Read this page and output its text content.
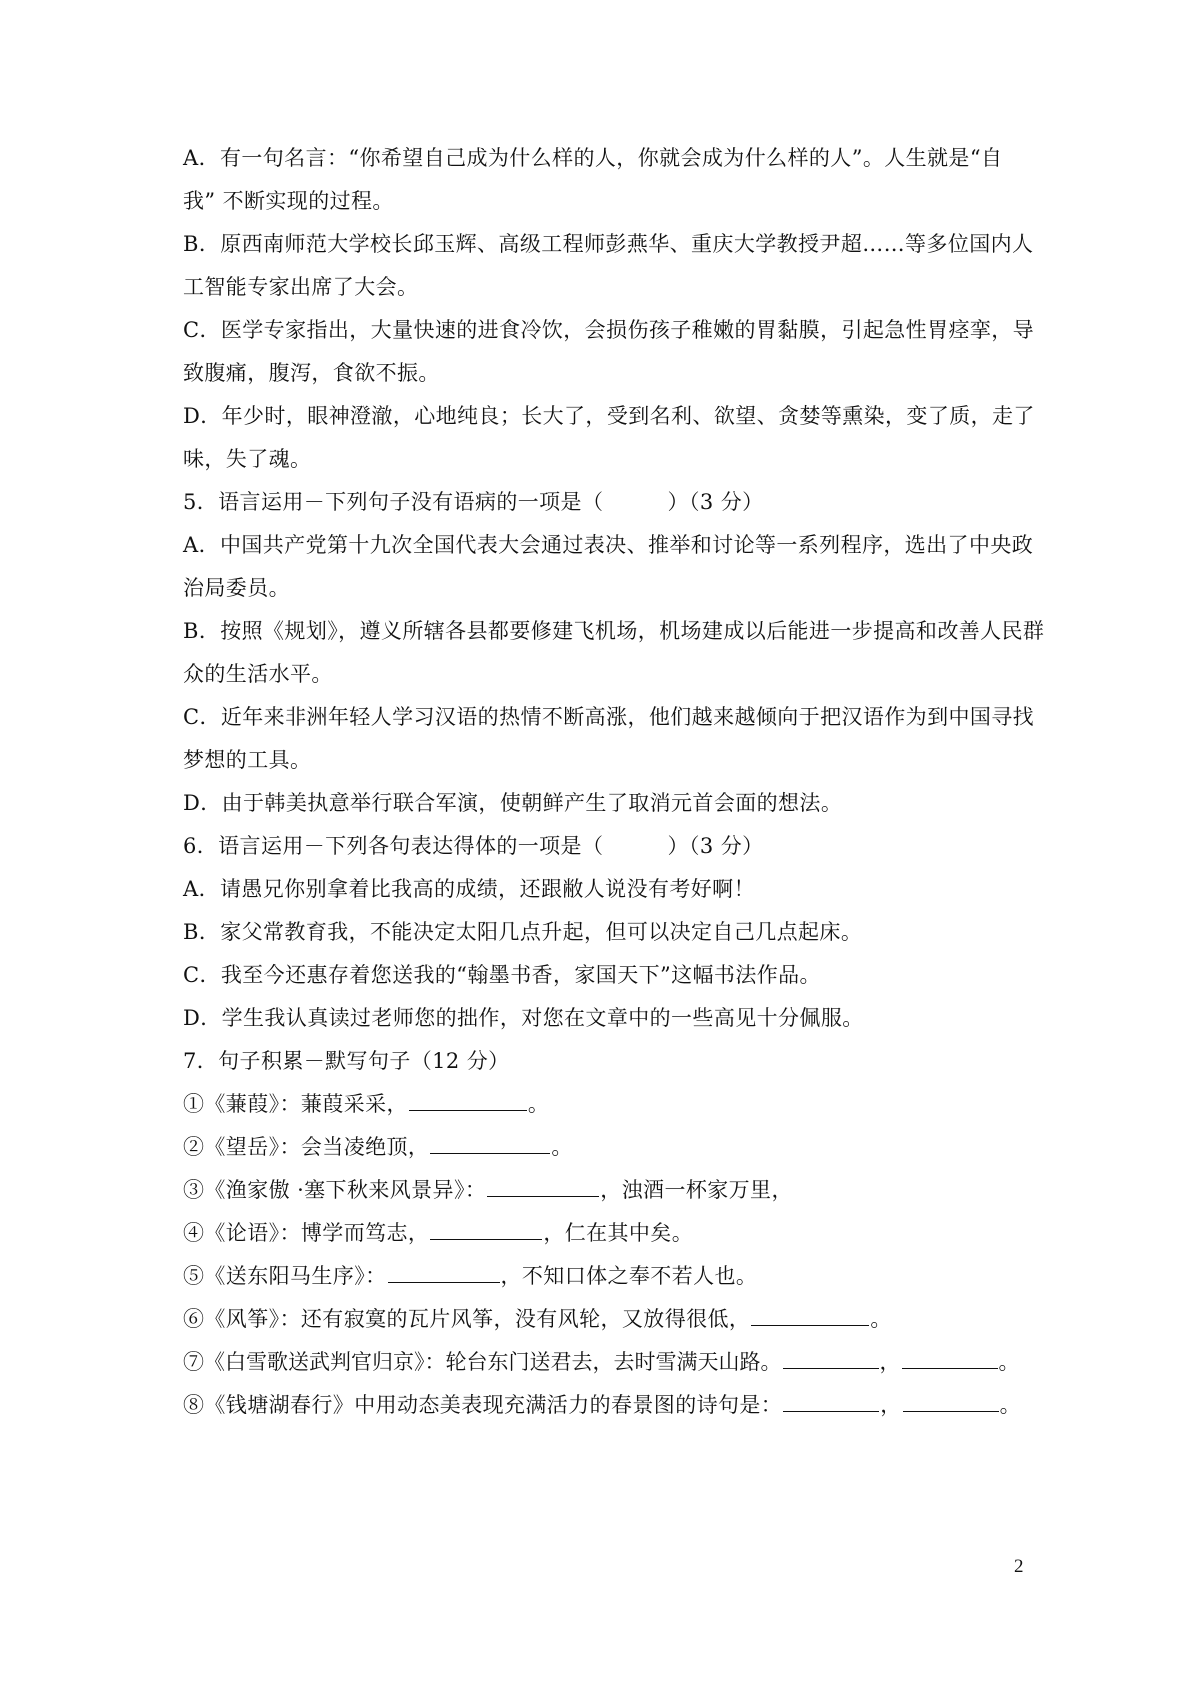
A．有一句名言：“你希望自己成为什么样的人，你就会成为什么样的人”。人生就是“自
我” 不断实现的过程。
B．原西南师范大学校长邱玉辉、高级工程师彭燕华、重庆大学教授尹超……等多位国内人
工智能专家出席了大会。
C．医学专家指出，大量快速的进食冷饮，会损伤孩子稚嫩的胃黏膜，引起急性胃痉挛，导
致腹痛，腹泻，食欲不振。
D．年少时，眼神澄澈，心地纯良；长大了，受到名利、欲望、贪婪等熏染，变了质，走了
味，失了魂。
5．语言运用－下列句子没有语病的一项是（　　　）（3 分）
A．中国共产党第十九次全国代表大会通过表决、推举和讨论等一系列程序，选出了中央政
治局委员。
B．按照《规划》，遵义所辖各县都要修建飞机场，机场建成以后能进一步提高和改善人民群
众的生活水平。
C．近年来非洲年轻人学习汉语的热情不断高涨，他们越来越倾向于把汉语作为到中国寻找
梦想的工具。
D．由于韩美执意举行联合军演，使朝鲜产生了取消元首会面的想法。
6．语言运用－下列各句表达得体的一项是（　　　）（3 分）
A．请愚兄你别拿着比我高的成绩，还跟敝人说没有考好啊！
B．家父常教育我，不能决定太阳几点升起，但可以决定自己几点起床。
C．我至今还惠存着您送我的“翰墨书香，家国天下”这幅书法作品。
D．学生我认真读过老师您的拙作，对您在文章中的一些高见十分佩服。
7．句子积累－默写句子（12 分）
①《蒹葭》：蒹葭采采，	。
②《望岳》：会当凌绝顶，	。
③《渔家傲 ·塞下秋来风景异》：	，浊酒一杯家万里，
④《论语》：博学而笃志，	，仁在其中矣。
⑤《送东阳马生序》：	，不知口体之奉不若人也。
⑥《风筝》：还有寂寞的瓦片风筝，没有风轮，又放得很低，	。
⑦《白雪歌送武判官归京》：轮台东门送君去，去时雪满天山路。	，	。
⑧《钱塘湖春行》中用动态美表现充满活力的春景图的诗句是：	，	。
2
